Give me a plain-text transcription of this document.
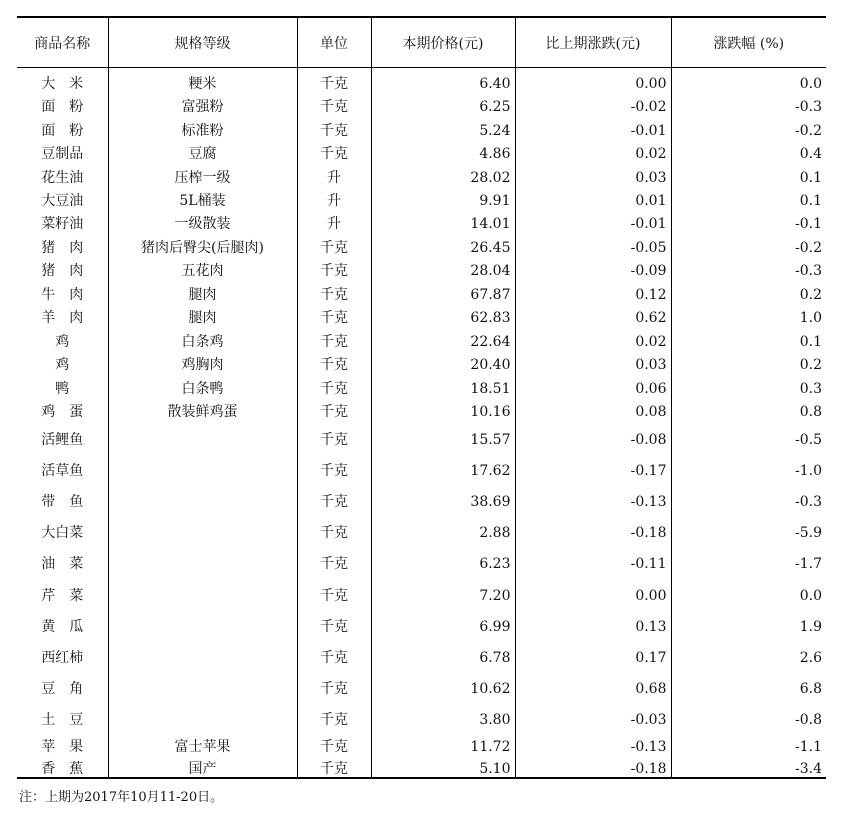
商品名称	规格等级	单位	本期价格(元)	比上期涨跌(元)	涨跌幅 (%)
大　米	粳米	千克	6.40	0.00	0.0
面　粉	富强粉	千克	6.25	-0.02	-0.3
面　粉	标准粉	千克	5.24	-0.01	-0.2
豆制品	豆腐	千克	4.86	0.02	0.4
花生油	压榨一级	升	28.02	0.03	0.1
大豆油	5L桶装	升	9.91	0.01	0.1
菜籽油	一级散装	升	14.01	-0.01	-0.1
猪　肉	猪肉后臀尖(后腿肉)	千克	26.45	-0.05	-0.2
猪　肉	五花肉	千克	28.04	-0.09	-0.3
牛　肉	腿肉	千克	67.87	0.12	0.2
羊　肉	腿肉	千克	62.83	0.62	1.0
鸡	白条鸡	千克	22.64	0.02	0.1
鸡	鸡胸肉	千克	20.40	0.03	0.2
鸭	白条鸭	千克	18.51	0.06	0.3
鸡　蛋	散装鲜鸡蛋	千克	10.16	0.08	0.8
活鲤鱼		千克	15.57	-0.08	-0.5
活草鱼		千克	17.62	-0.17	-1.0
带　鱼		千克	38.69	-0.13	-0.3
大白菜		千克	2.88	-0.18	-5.9
油　菜		千克	6.23	-0.11	-1.7
芹　菜		千克	7.20	0.00	0.0
黄　瓜		千克	6.99	0.13	1.9
西红柿		千克	6.78	0.17	2.6
豆　角		千克	10.62	0.68	6.8
土　豆		千克	3.80	-0.03	-0.8
苹　果	富士苹果	千克	11.72	-0.13	-1.1
香　蕉	国产	千克	5.10	-0.18	-3.4
注：上期为2017年10月11-20日。
